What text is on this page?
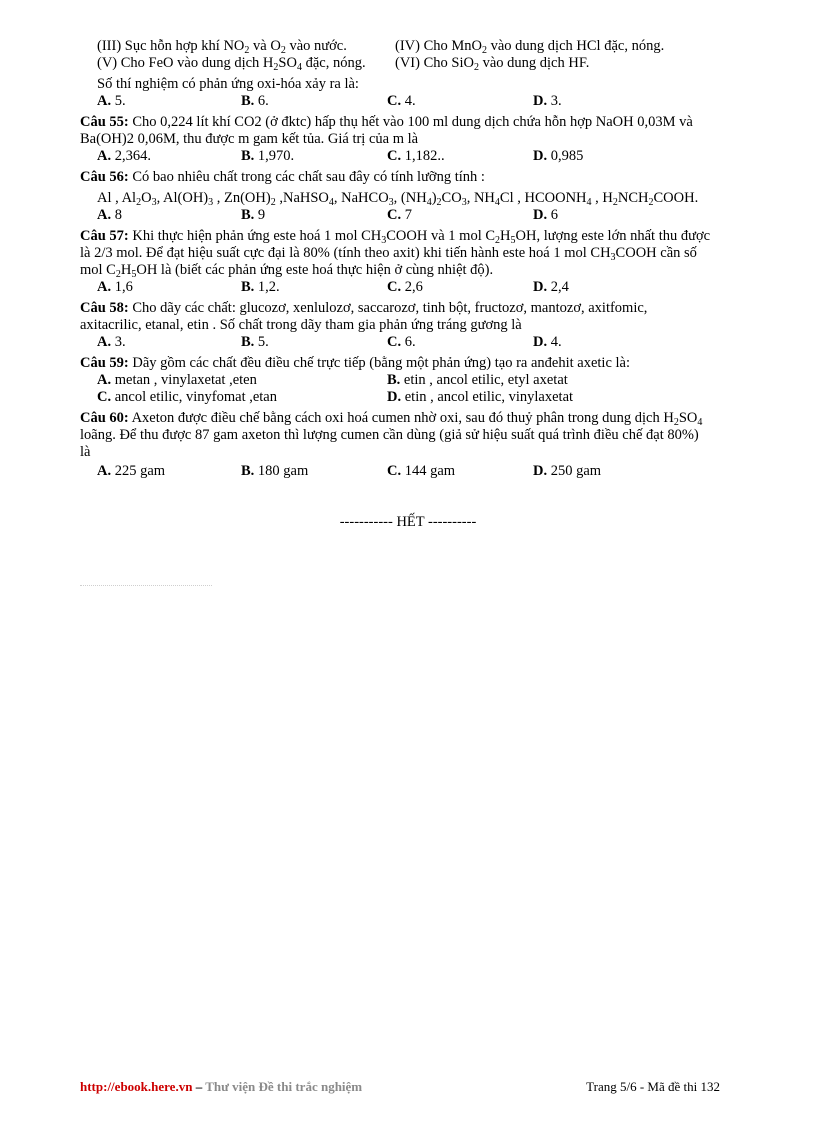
(III) Sục hỗn hợp khí $NO_2$ và $O_2$ vào nước.	(IV) Cho MnO$_2$ vào dung dịch HCl đặc, nóng.
(V) Cho FeO vào dung dịch $H_2SO_4$ đặc, nóng. (VI) Cho SiO$_2$ vào dung dịch HF.
Số thí nghiệm có phản ứng oxi-hóa xảy ra là:
A. 5.	B. 6.	C. 4.	D. 3.
Câu 55: Cho 0,224 lít khí CO2 (ở đktc) hấp thụ hết vào 100 ml dung dịch chứa hỗn hợp NaOH 0,03M và
Ba(OH)2 0,06M, thu được m gam kết tủa. Giá trị của m là
A. 2,364.	B. 1,970.	C. 1,182..	D. 0,985
Câu 56: Có bao nhiêu chất trong các chất sau đây có tính lưỡng tính :
Al , $Al_2O_3$, $Al(OH)_3$ , $Zn(OH)_2$ ,NaHSO$_4$, NaHCO$_3$, $(NH_4)_2CO_3$, $NH_4Cl$ , $HCOONH_4$ , $H_2NCH_2COOH$.
A. 8	B. 9	C. 7	D. 6
Câu 57: Khi thực hiện phản ứng este hoá 1 mol $CH_3COOH$ và 1 mol $C_2H_5OH$, lượng este lớn nhất thu được
là 2/3 mol. Để đạt hiệu suất cực đại là 80% (tính theo axit) khi tiến hành este hoá 1 mol $CH_3COOH$ cần số
mol $C_2H_5OH$ là (biết các phản ứng este hoá thực hiện ở cùng nhiệt độ).
A. 1,6	B. 1,2.	C. 2,6	D. 2,4
Câu 58: Cho dãy các chất: glucozơ, xenlulozơ, saccarozơ, tinh bột, fructozơ, mantozơ, axitfomic,
axitacrilic, etanal, etin . Số chất trong dãy tham gia phản ứng tráng gương là
A. 3.	B. 5.	C. 6.	D. 4.
Câu 59: Dãy gồm các chất đều điều chế trực tiếp (bằng một phản ứng) tạo ra anđehit axetic là:
A. metan , vinylaxetat ,eten	B. etin , ancol etilic, etyl axetat
C. ancol etilic, vinyfomat ,etan	D. etin , ancol etilic, vinylaxetat
Câu 60: Axeton được điều chế bằng cách oxi hoá cumen nhờ oxi, sau đó thuỷ phân trong dung dịch $H_2SO_4$
loãng. Để thu được 87 gam axeton thì lượng cumen cần dùng (giả sử hiệu suất quá trình điều chế đạt 80%)
là
A. 225 gam	B. 180 gam	C. 144 gam	D. 250 gam
----------- HẾT ----------
http://ebook.here.vn – Thư viện Đề thi trắc nghiệm	Trang 5/6 - Mã đề thi 132
